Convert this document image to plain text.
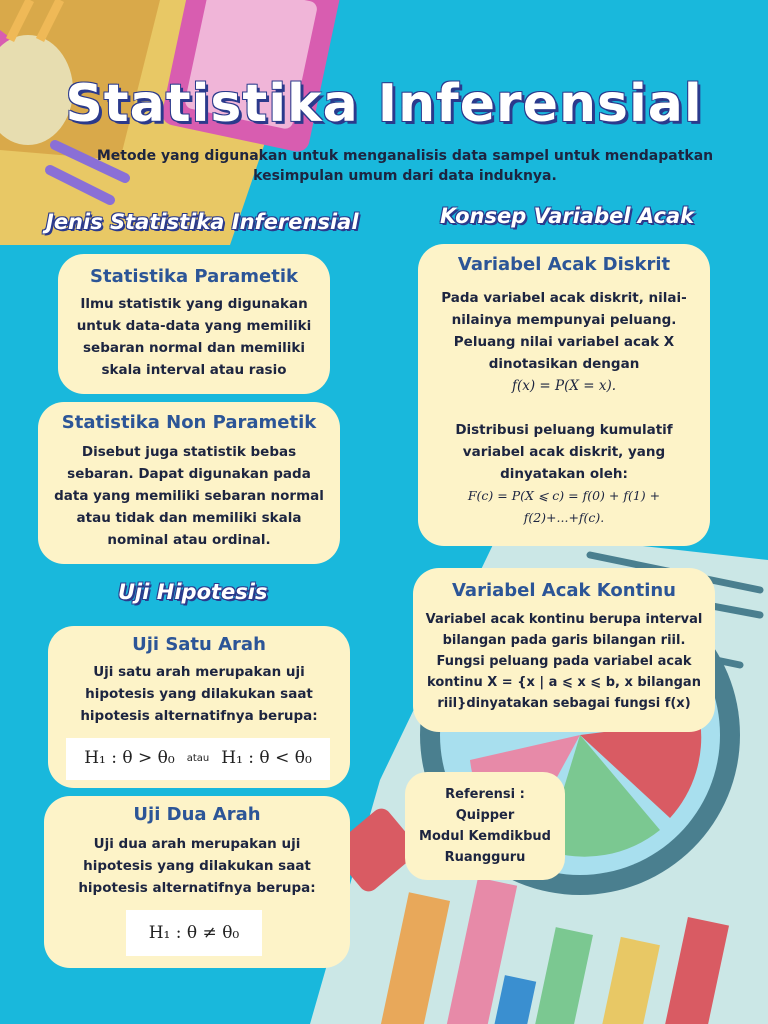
Statistika Inferensial
Metode yang digunakan untuk menganalisis data sampel untuk mendapatkan kesimpulan umum dari data induknya.
Jenis Statistika Inferensial	Konsep Variabel Acak
Uji Hipotesis
Statistika Parametik

Ilmu statistik yang digunakan untuk data-data yang memiliki sebaran normal dan memiliki skala interval atau rasio

Statistika Non Parametik

Disebut juga statistik bebas sebaran. Dapat digunakan pada data yang memiliki sebaran normal atau tidak dan memiliki skala nominal atau ordinal.

Variabel Acak Diskrit

Pada variabel acak diskrit, nilai-nilainya mempunyai peluang. Peluang nilai variabel acak X dinotasikan dengan

f(x) = P(X = x).

Distribusi peluang kumulatif variabel acak diskrit, yang dinyatakan oleh:

F(c) = P(X ⩽ c) = f(0) + f(1) + f(2)+...+f(c).

Variabel Acak Kontinu

Variabel acak kontinu berupa interval bilangan pada garis bilangan riil. Fungsi peluang pada variabel acak kontinu X = {x | a ⩽ x ⩽ b, x bilangan riil}dinyatakan sebagai fungsi f(x)

Uji Satu Arah

Uji satu arah merupakan uji hipotesis yang dilakukan saat hipotesis alternatifnya berupa:

H₁ : θ > θ₀ atau H₁ : θ < θ₀
Uji Dua Arah

Uji dua arah merupakan uji hipotesis yang dilakukan saat hipotesis alternatifnya berupa:

H₁ : θ ≠ θ₀
Referensi :
Quipper
Modul Kemdikbud
Ruangguru
